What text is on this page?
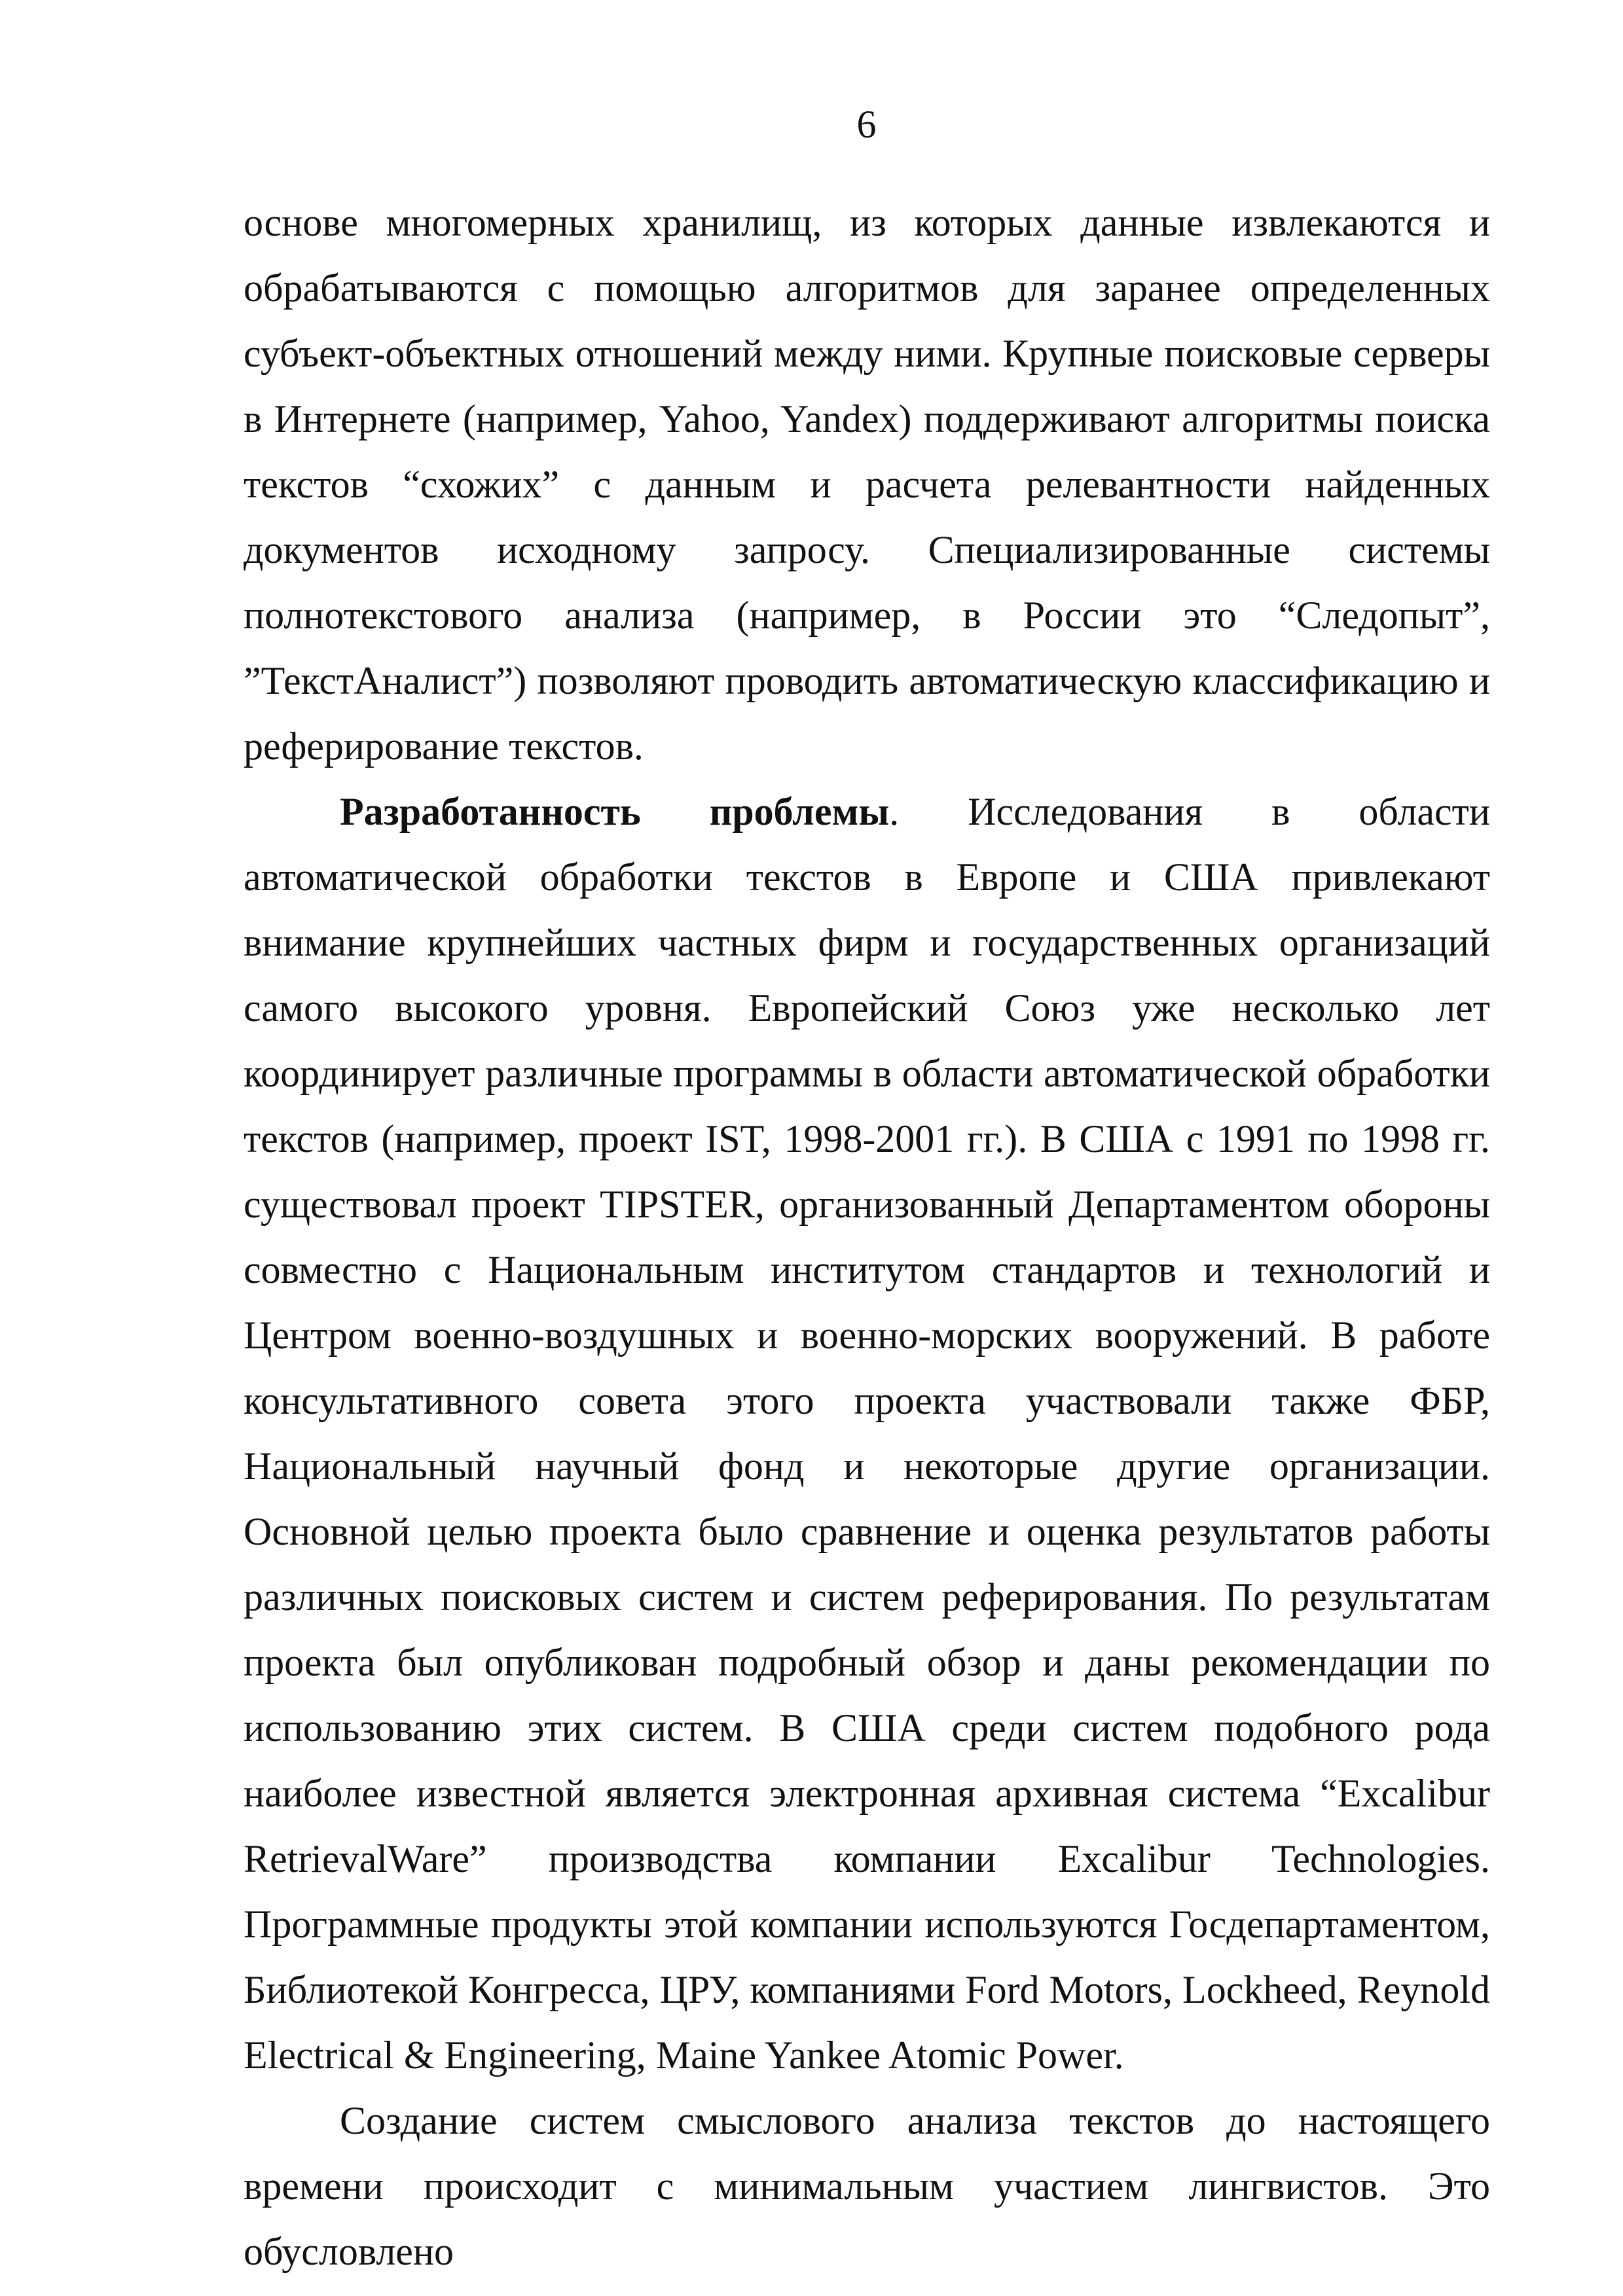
6

основе многомерных хранилищ, из которых данные извлекаются и обрабатываются с помощью алгоритмов для заранее определенных субъект-объектных отношений между ними. Крупные поисковые серверы в Интернете (например, Yahoo, Yandex) поддерживают алгоритмы поиска текстов “схожих” с данным и расчета релевантности найденных документов исходному запросу. Специализированные системы полнотекстового анализа (например, в России это “Следопыт”, ”ТекстАналист”) позволяют проводить автоматическую классификацию и реферирование текстов.

Разработанность проблемы. Исследования в области автоматической обработки текстов в Европе и США привлекают внимание крупнейших частных фирм и государственных организаций самого высокого уровня. Европейский Союз уже несколько лет координирует различные программы в области автоматической обработки текстов (например, проект IST, 1998-2001 гг.). В США с 1991 по 1998 гг. существовал проект TIPSTER, организованный Департаментом обороны совместно с Национальным институтом стандартов и технологий и Центром военно-воздушных и военно-морских вооружений. В работе консультативного совета этого проекта участвовали также ФБР, Национальный научный фонд и некоторые другие организации. Основной целью проекта было сравнение и оценка результатов работы различных поисковых систем и систем реферирования. По результатам проекта был опубликован подробный обзор и даны рекомендации по использованию этих систем. В США среди систем подобного рода наиболее известной является электронная архивная система “Excalibur RetrievalWare” производства компании Excalibur Technologies. Программные продукты этой компании используются Госдепартаментом, Библиотекой Конгресса, ЦРУ, компаниями Ford Motors, Lockheed, Reynold Electrical & Engineering, Maine Yankee Atomic Power.

Создание систем смыслового анализа текстов до настоящего времени происходит с минимальным участием лингвистов. Это обусловлено
